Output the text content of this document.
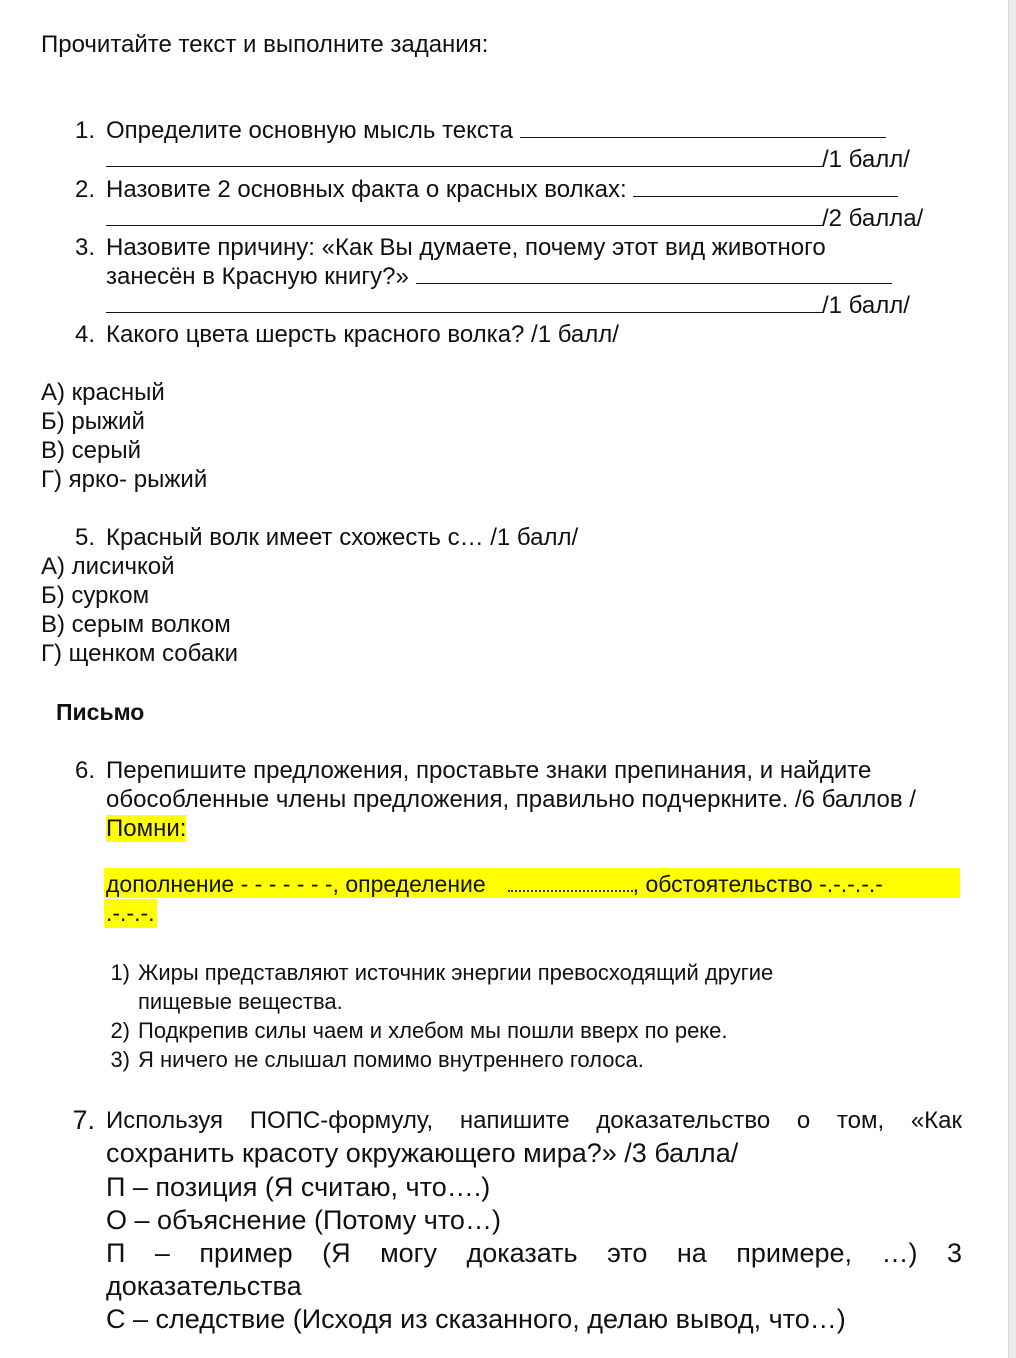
Прочитайте текст и выполните задания:
1. Определите основную мысль текста
/1 балл/
2. Назовите 2 основных факта о красных волках:
/2 балла/
3. Назовите причину: «Как Вы думаете, почему этот вид животного
занесён в Красную книгу?»
/1 балл/
4. Какого цвета шерсть красного волка? /1 балл/
А) красный
Б) рыжий
В) серый
Г) ярко- рыжий
5. Красный волк имеет схожесть с… /1 балл/
А) лисичкой
Б) сурком
В) серым волком
Г) щенком собаки
Письмо
6. Перепишите предложения, проставьте знаки препинания, и найдите
обособленные члены предложения, правильно подчеркните. /6 баллов /
Помни:
дополнение - - - - - - -, определение	, обстоятельство -.-.-.-.-
.-.-.-.
1) Жиры представляют источник энергии превосходящий другие
пищевые вещества.
2) Подкрепив силы чаем и хлебом мы пошли вверх по реке.
3) Я ничего не слышал помимо внутреннего голоса.
7. Используя ПОПС-формулу, напишите доказательство о том, «Как
сохранить красоту окружающего мира?» /3 балла/
П – позиция (Я считаю, что….)
О – объяснение (Потому что…)
П – пример (Я могу доказать это на примере, …) 3
доказательства
С – следствие (Исходя из сказанного, делаю вывод, что…)
